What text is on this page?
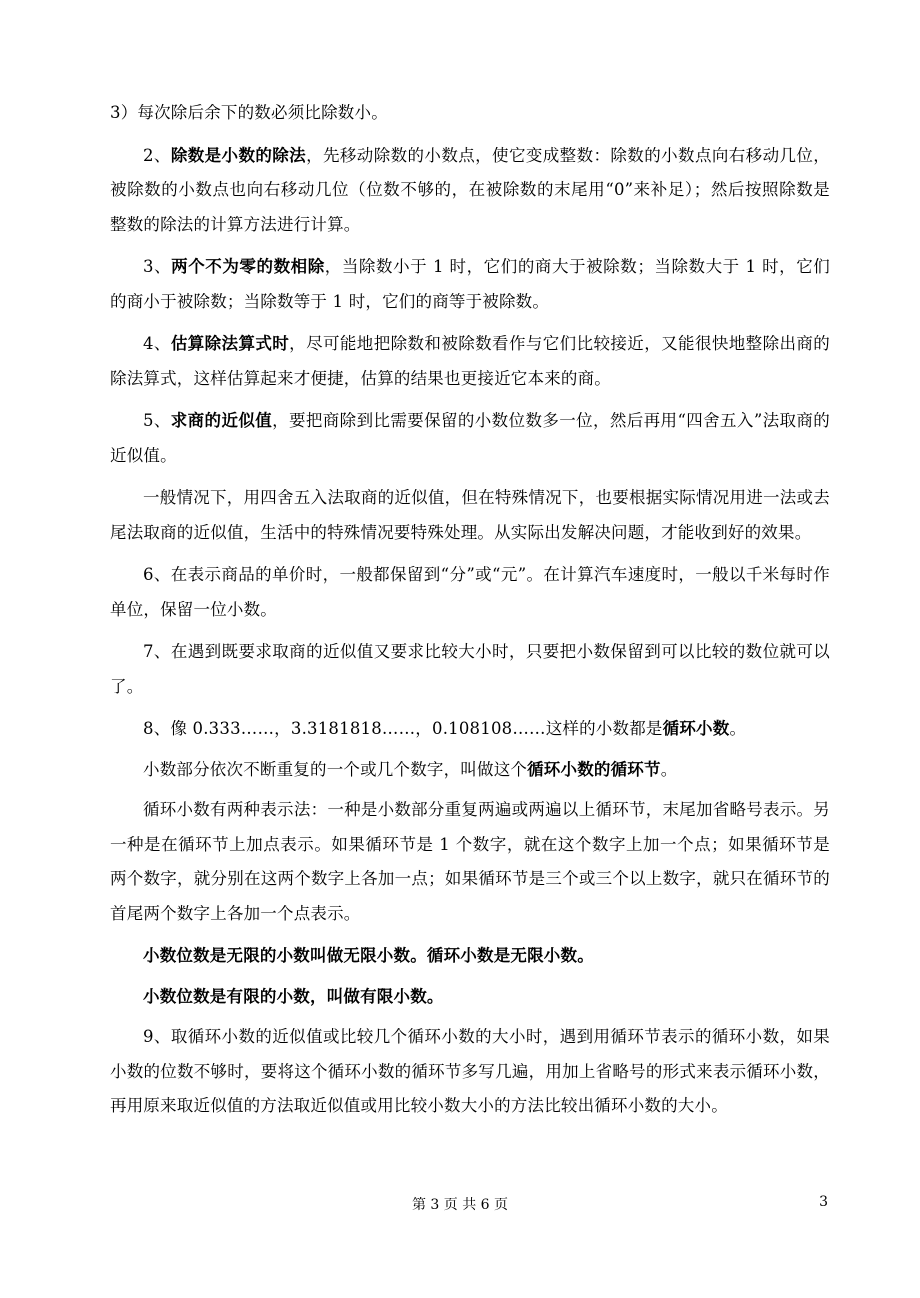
3）每次除后余下的数必须比除数小。

2、除数是小数的除法，先移动除数的小数点，使它变成整数：除数的小数点向右移动几位，被除数的小数点也向右移动几位（位数不够的，在被除数的末尾用“0”来补足）；然后按照除数是整数的除法的计算方法进行计算。

3、两个不为零的数相除，当除数小于 1 时，它们的商大于被除数；当除数大于 1 时，它们的商小于被除数；当除数等于 1 时，它们的商等于被除数。

4、估算除法算式时，尽可能地把除数和被除数看作与它们比较接近，又能很快地整除出商的除法算式，这样估算起来才便捷，估算的结果也更接近它本来的商。

5、求商的近似值，要把商除到比需要保留的小数位数多一位，然后再用“四舍五入”法取商的近似值。

一般情况下，用四舍五入法取商的近似值，但在特殊情况下，也要根据实际情况用进一法或去尾法取商的近似值，生活中的特殊情况要特殊处理。从实际出发解决问题，才能收到好的效果。

6、在表示商品的单价时，一般都保留到“分”或“元”。在计算汽车速度时，一般以千米每时作单位，保留一位小数。

7、在遇到既要求取商的近似值又要求比较大小时，只要把小数保留到可以比较的数位就可以了。

8、像 0.333……，3.3181818……，0.108108……这样的小数都是循环小数。

小数部分依次不断重复的一个或几个数字，叫做这个循环小数的循环节。

循环小数有两种表示法：一种是小数部分重复两遍或两遍以上循环节，末尾加省略号表示。另一种是在循环节上加点表示。如果循环节是 1 个数字，就在这个数字上加一个点；如果循环节是两个数字，就分别在这两个数字上各加一点；如果循环节是三个或三个以上数字，就只在循环节的首尾两个数字上各加一个点表示。

小数位数是无限的小数叫做无限小数。循环小数是无限小数。

小数位数是有限的小数，叫做有限小数。

9、取循环小数的近似值或比较几个循环小数的大小时，遇到用循环节表示的循环小数，如果小数的位数不够时，要将这个循环小数的循环节多写几遍，用加上省略号的形式来表示循环小数，再用原来取近似值的方法取近似值或用比较小数大小的方法比较出循环小数的大小。

第 3 页 共 6 页	3
